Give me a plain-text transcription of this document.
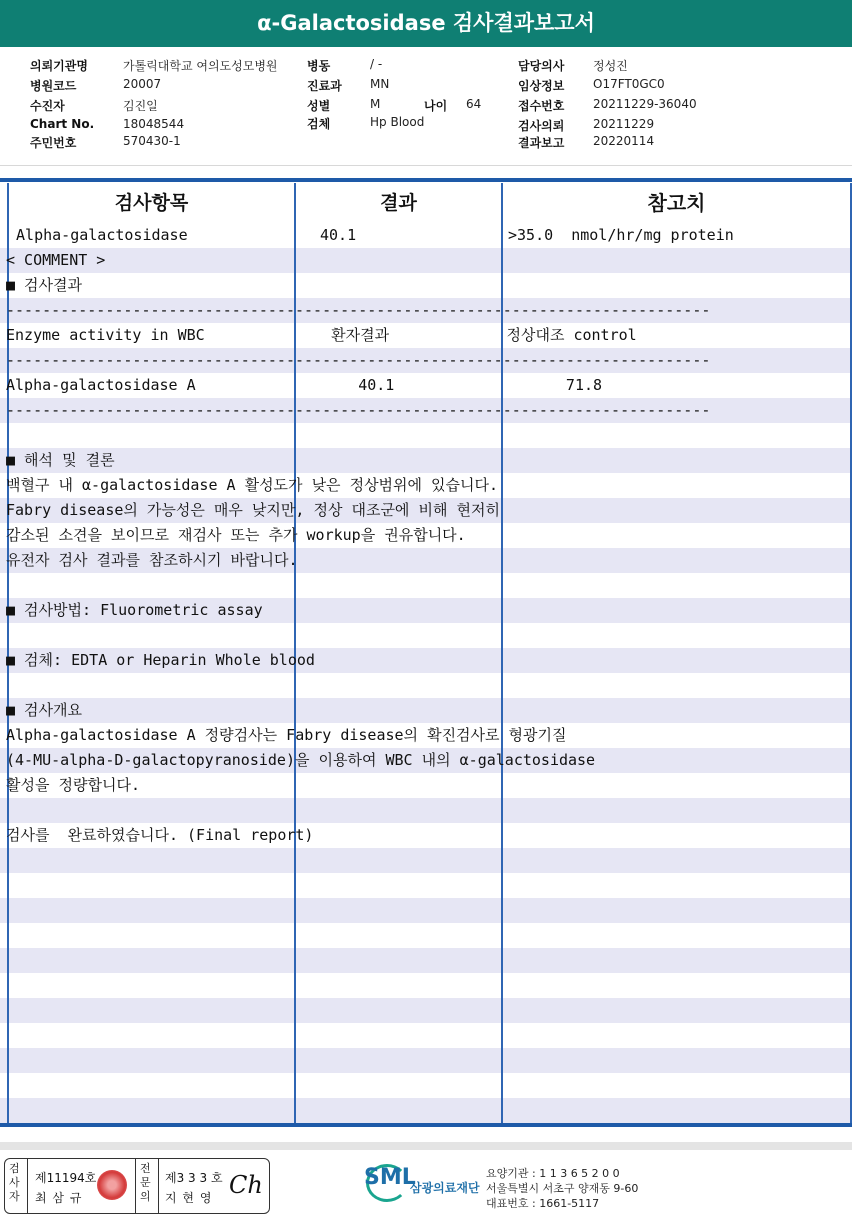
α-Galactosidase 검사결과보고서
의뢰기관명	가톨릭대학교 여의도성모병원
병원코드	20007
수진자	김진일
Chart No. 18048544
주민번호	570430-1
병동	/ -
진료과 MN
성별	M	나이 64
검체	Hp Blood
담당의사 정성진
임상정보 O17FT0GC0
접수번호 20211229-36040
검사의뢰 20211229
결과보고 20220114
검사항목	결과	참고치
Alpha-galactosidase	40.1	>35.0  nmol/hr/mg protein
< COMMENT >
■ 검사결과
------------------------------------------------------------------------------
Enzyme activity in WBC              환자결과             정상대조 control
------------------------------------------------------------------------------
Alpha-galactosidase A                  40.1                   71.8
------------------------------------------------------------------------------
■ 해석 및 결론
백혈구 내 α-galactosidase A 활성도가 낮은 정상범위에 있습니다.
Fabry disease의 가능성은 매우 낮지만, 정상 대조군에 비해 현저히
감소된 소견을 보이므로 재검사 또는 추가 workup을 권유합니다.
유전자 검사 결과를 참조하시기 바랍니다.
■ 검사방법: Fluorometric assay
■ 검체: EDTA or Heparin Whole blood
■ 검사개요
Alpha-galactosidase A 정량검사는 Fabry disease의 확진검사로 형광기질
(4-MU-alpha-D-galactopyranoside)을 이용하여 WBC 내의 α-galactosidase
활성을 정량합니다.
검사를  완료하였습니다. (Final report)
검사자
제11194호
최 삼 규
전문의
제3 3 3 호
지 현 영 Ch	SML
삼광의료재단
요양기관 : 1 1 3 6 5 2 0 0
서울특별시 서초구 양재동 9-60
대표번호 : 1661-5117
